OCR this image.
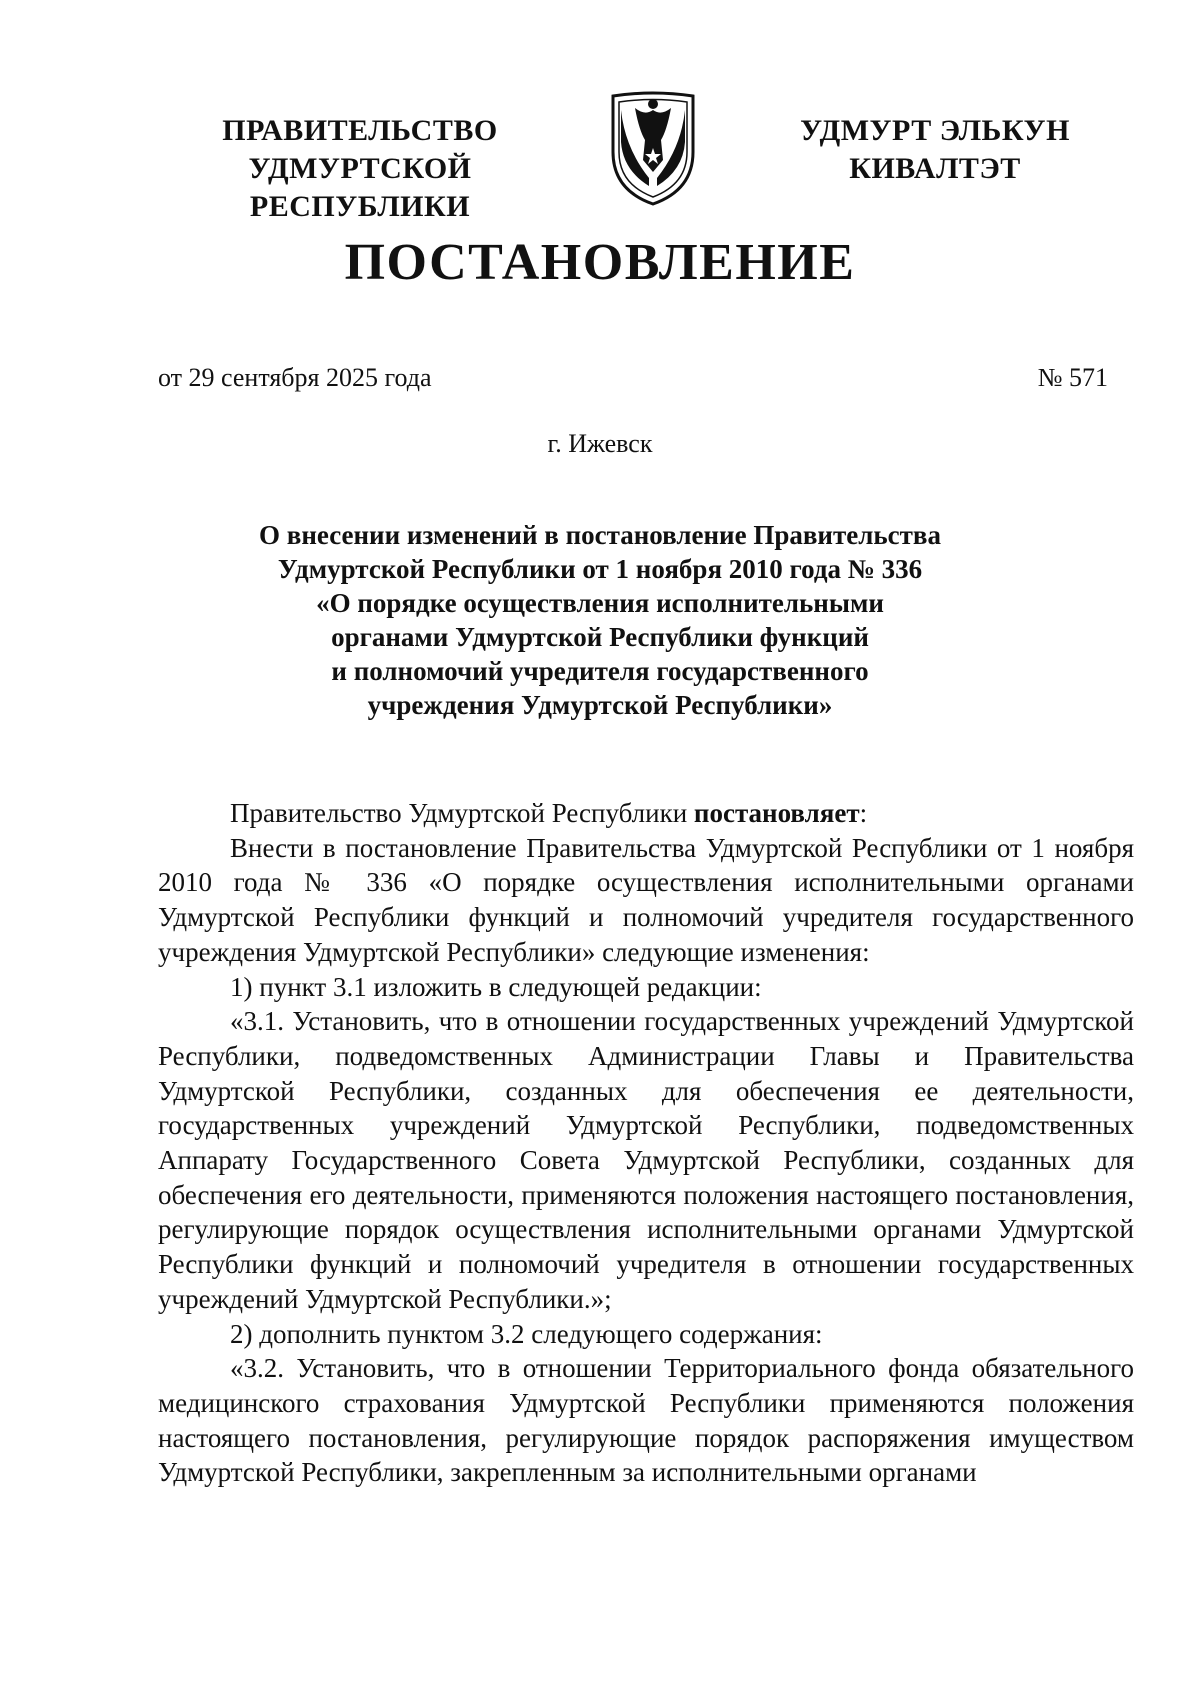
ПРАВИТЕЛЬСТВО
УДМУРТСКОЙ РЕСПУБЛИКИ
УДМУРТ ЭЛЬКУН
КИВАЛТЭТ
ПОСТАНОВЛЕНИЕ
от 29 сентября 2025 года	№ 571
г. Ижевск
О внесении изменений в постановление Правительства
Удмуртской Республики от 1 ноября 2010 года № 336
«О порядке осуществления исполнительными
органами Удмуртской Республики функций
и полномочий учредителя государственного
учреждения Удмуртской Республики»

Правительство Удмуртской Республики постановляет:

Внести в постановление Правительства Удмуртской Республики от 1 ноября 2010 года № 336 «О порядке осуществления исполнительными органами Удмуртской Республики функций и полномочий учредителя государственного учреждения Удмуртской Республики» следующие изменения:

1) пункт 3.1 изложить в следующей редакции:

«3.1. Установить, что в отношении государственных учреждений Удмуртской Республики, подведомственных Администрации Главы и Правительства Удмуртской Республики, созданных для обеспечения ее деятельности, государственных учреждений Удмуртской Республики, подведомственных Аппарату Государственного Совета Удмуртской Республики, созданных для обеспечения его деятельности, применяются положения настоящего постановления, регулирующие порядок осуществления исполнительными органами Удмуртской Республики функций и полномочий учредителя в отношении государственных учреждений Удмуртской Республики.»;

2) дополнить пунктом 3.2 следующего содержания:

«3.2. Установить, что в отношении Территориального фонда обязательного медицинского страхования Удмуртской Республики применяются положения настоящего постановления, регулирующие порядок распоряжения имуществом Удмуртской Республики, закрепленным за исполнительными органами
